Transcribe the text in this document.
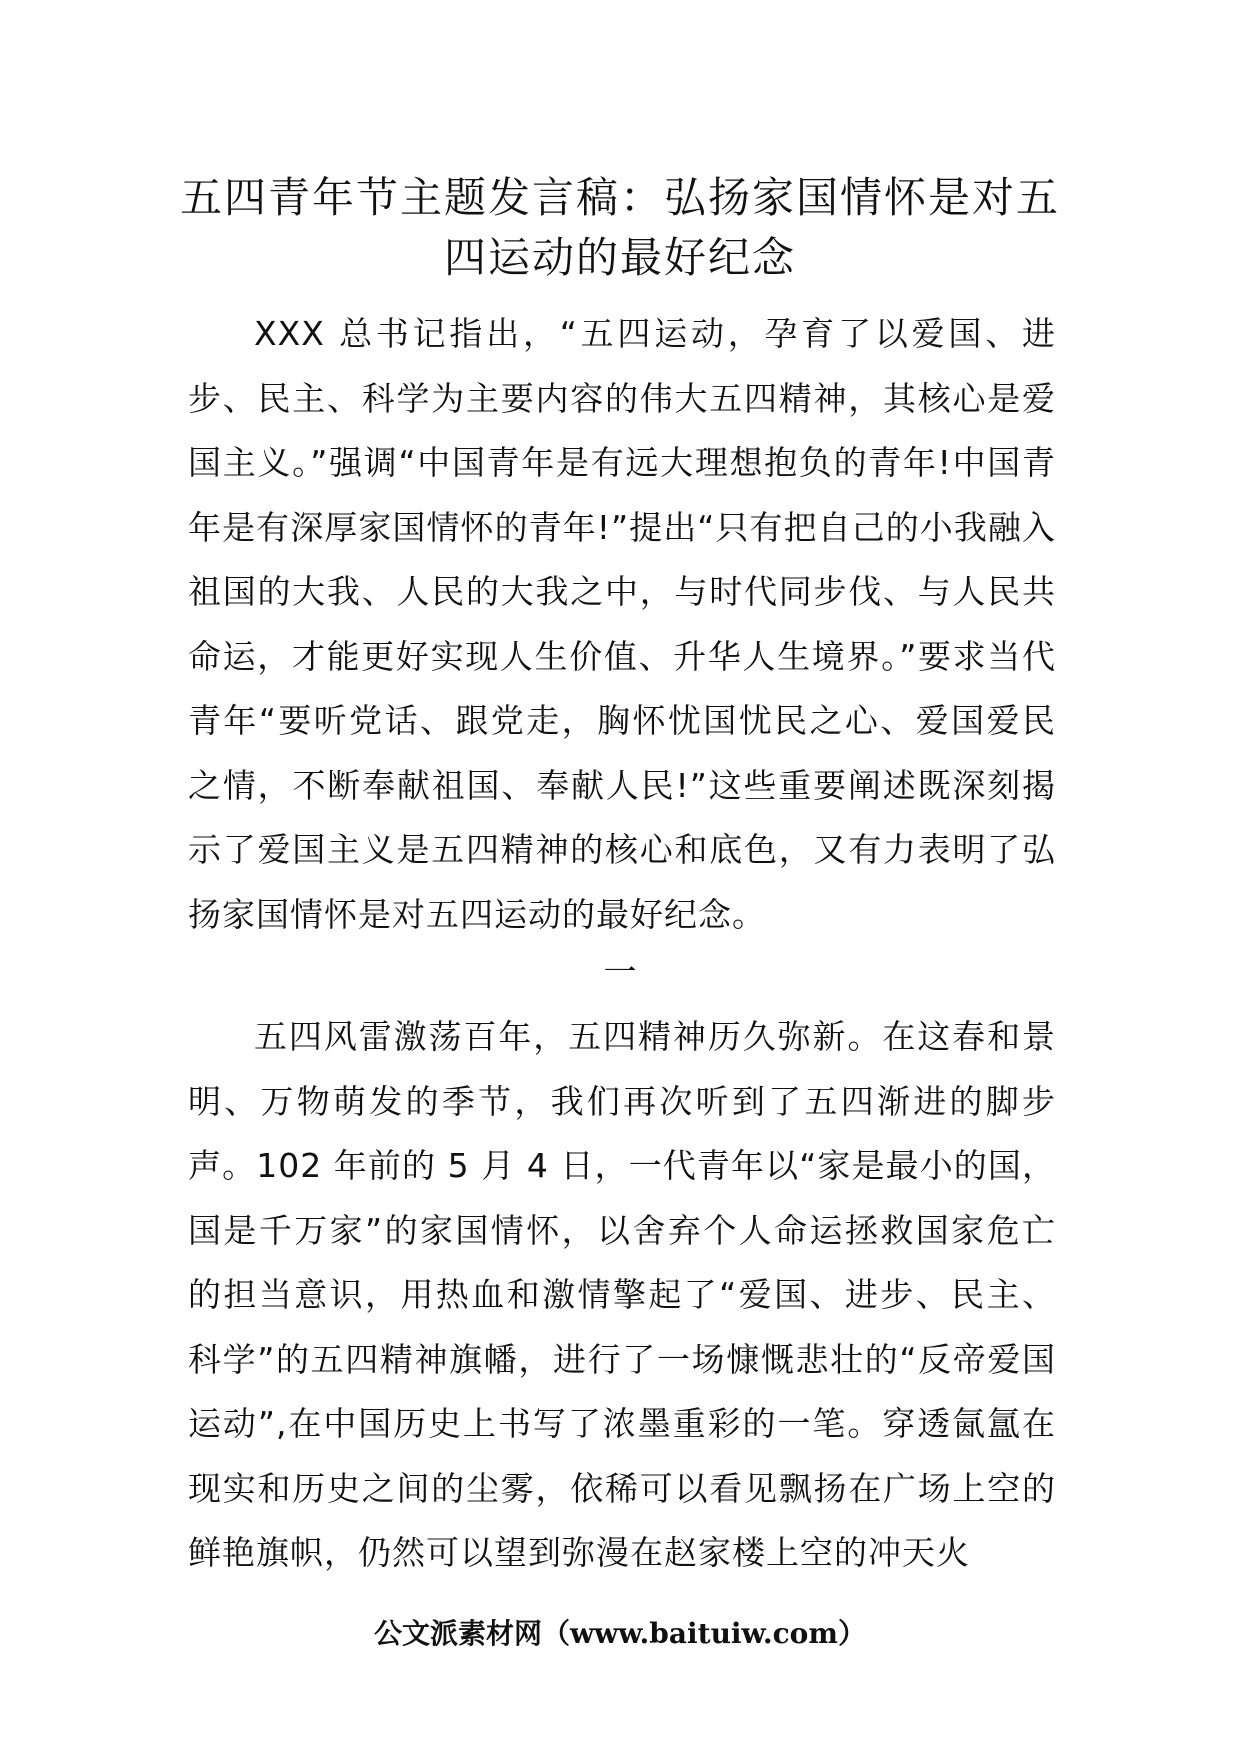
五四青年节主题发言稿：弘扬家国情怀是对五四运动的最好纪念

XXX 总书记指出，“五四运动，孕育了以爱国、进步、民主、科学为主要内容的伟大五四精神，其核心是爱国主义。”强调“中国青年是有远大理想抱负的青年!中国青年是有深厚家国情怀的青年!”提出“只有把自己的小我融入祖国的大我、人民的大我之中，与时代同步伐、与人民共命运，才能更好实现人生价值、升华人生境界。”要求当代青年“要听党话、跟党走，胸怀忧国忧民之心、爱国爱民之情，不断奉献祖国、奉献人民!”这些重要阐述既深刻揭示了爱国主义是五四精神的核心和底色，又有力表明了弘扬家国情怀是对五四运动的最好纪念。

一

五四风雷激荡百年，五四精神历久弥新。在这春和景明、万物萌发的季节，我们再次听到了五四渐进的脚步声。102 年前的 5 月 4 日，一代青年以“家是最小的国，国是千万家”的家国情怀，以舍弃个人命运拯救国家危亡的担当意识，用热血和激情擎起了“爱国、进步、民主、科学”的五四精神旗幡，进行了一场慷慨悲壮的“反帝爱国运动”,在中国历史上书写了浓墨重彩的一笔。穿透氤氲在现实和历史之间的尘雾，依稀可以看见飘扬在广场上空的鲜艳旗帜，仍然可以望到弥漫在赵家楼上空的冲天火

公文派素材网（www.baituiw.com）
